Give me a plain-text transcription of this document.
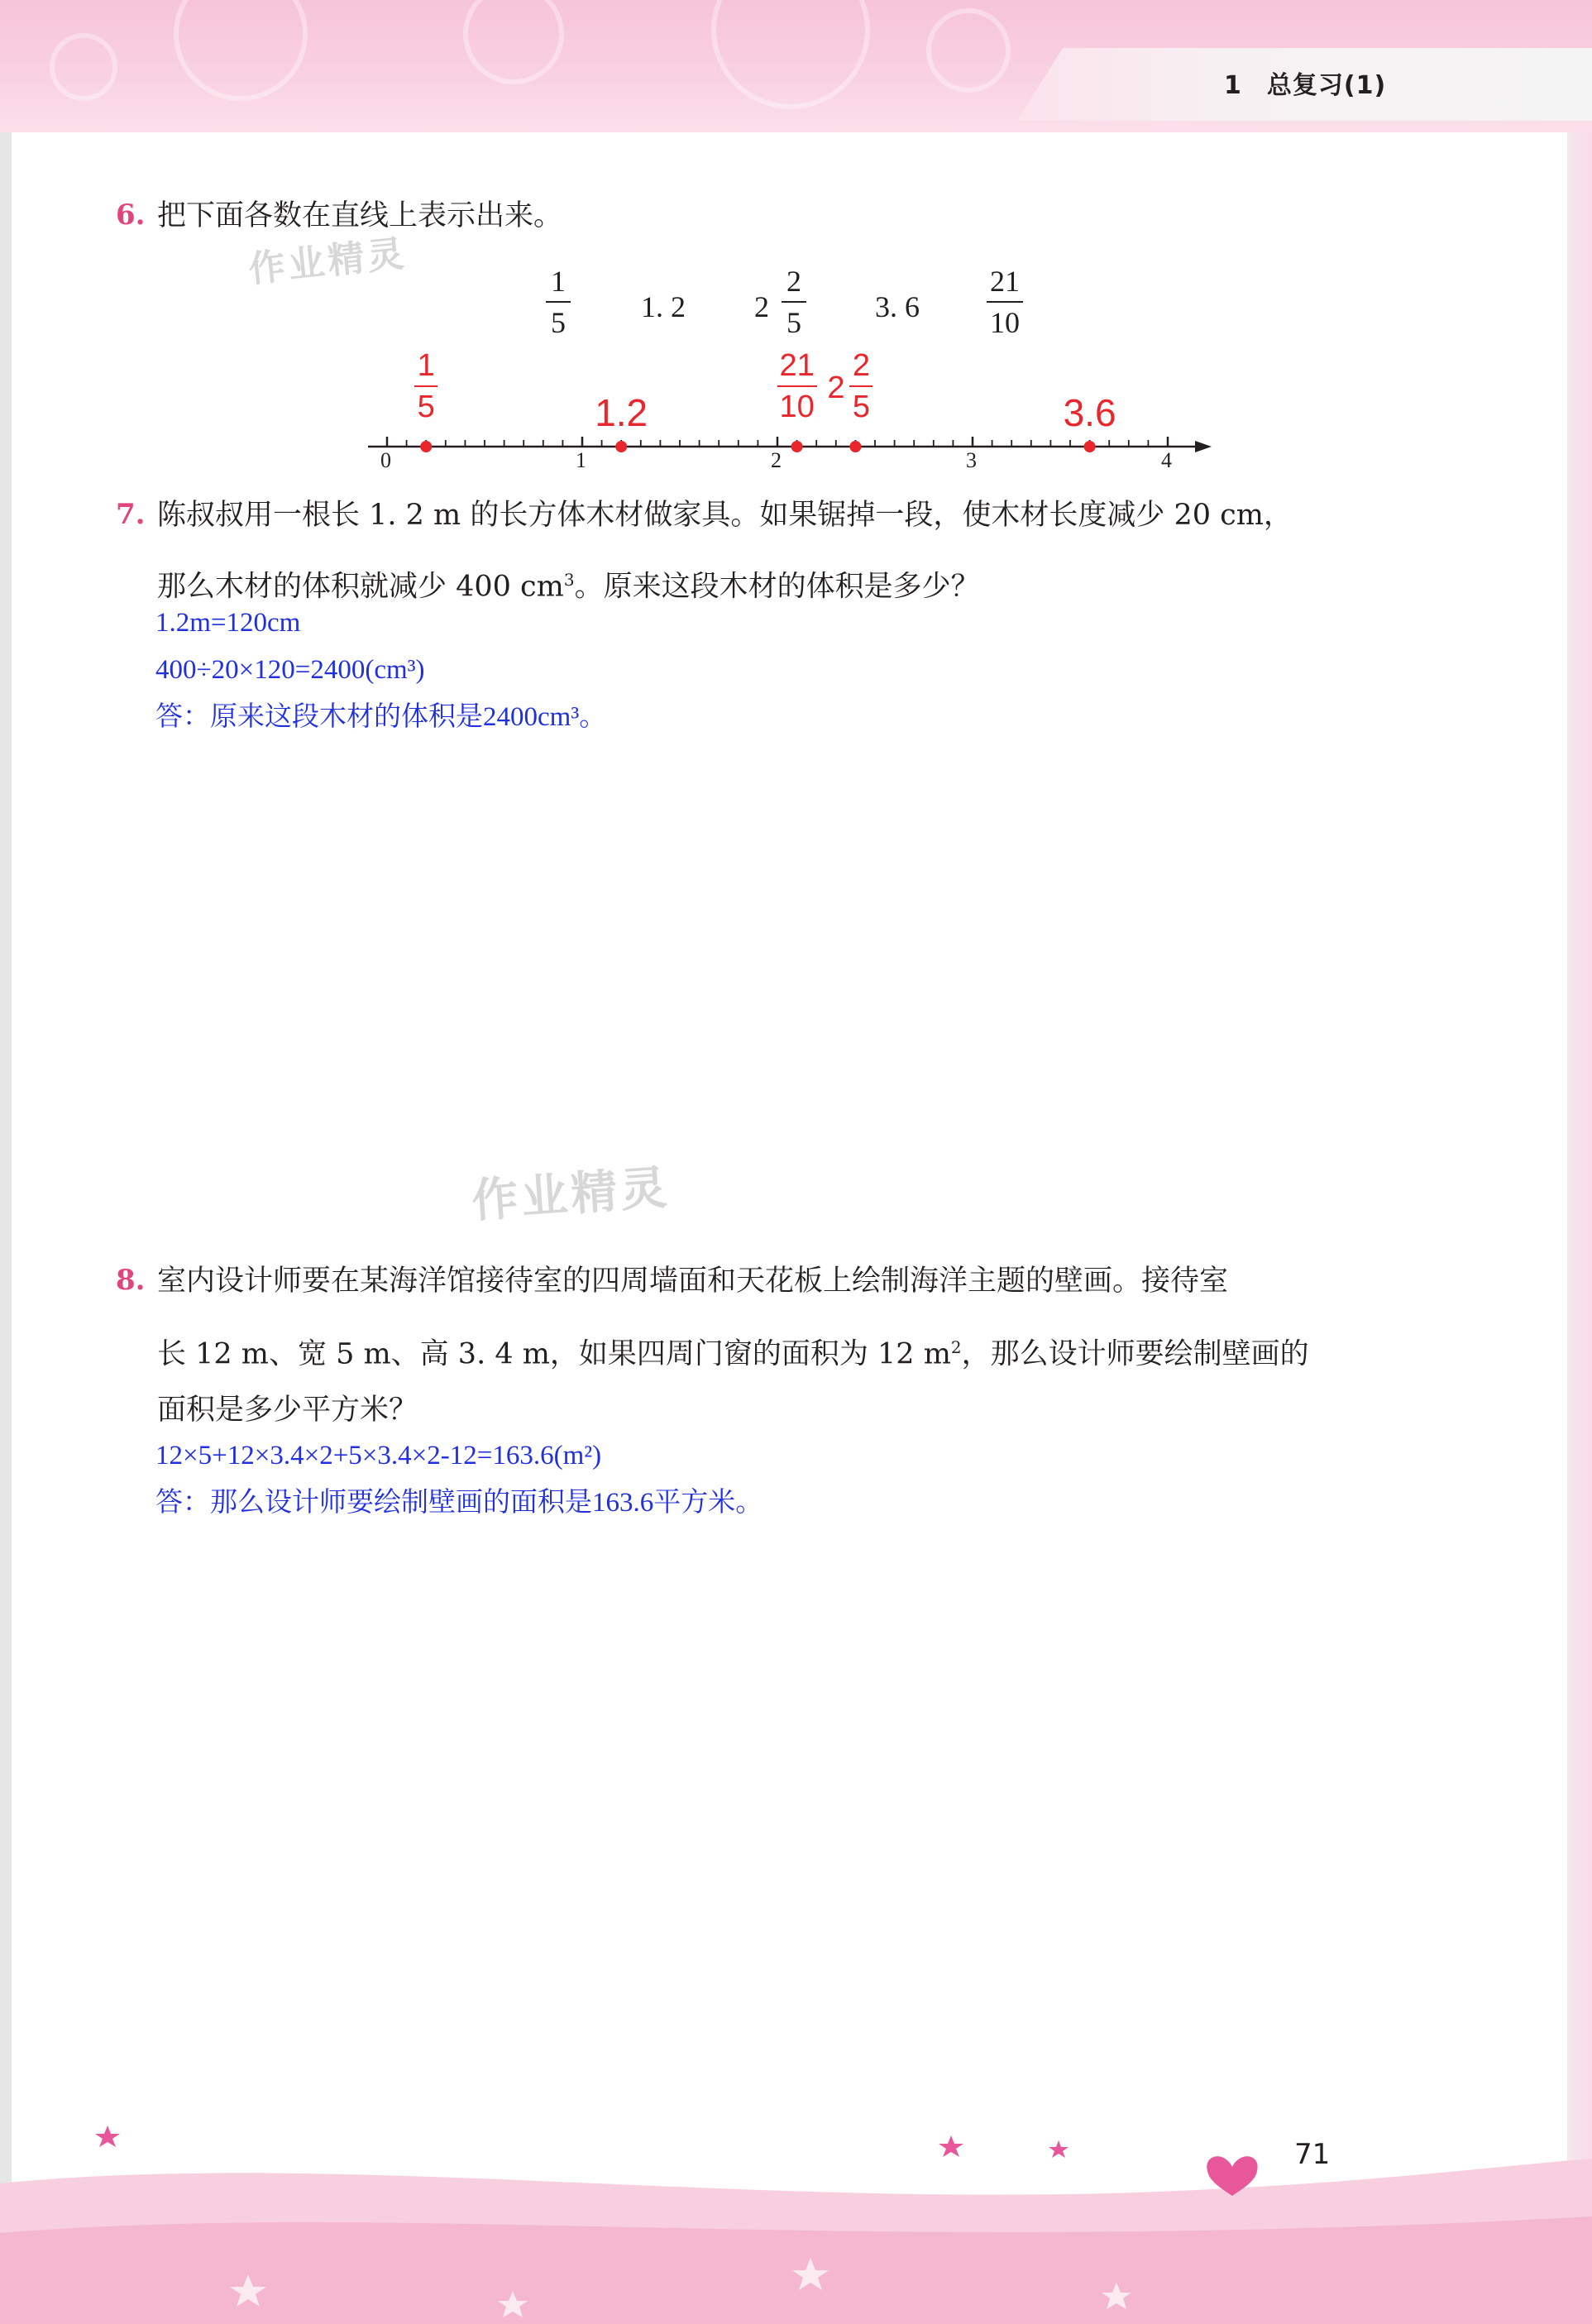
1 总复习(1)
6. 把下面各数在直线上表示出来。
作业精灵	1
5	1. 2 2
2
5	3. 6
21
10
0	1	2	3	4
1
5	1.2
21
10
2
2
5	3.6
7. 陈叔叔用一根长 1. 2 m 的长方体木材做家具。如果锯掉一段，使木材长度减少 20 cm，
那么木材的体积就减少 400 $cm^3$。原来这段木材的体积是多少？
1.2m=120cm
400÷20×120=2400(cm³)
答：原来这段木材的体积是2400cm³。
作业精灵
8. 室内设计师要在某海洋馆接待室的四周墙面和天花板上绘制海洋主题的壁画。接待室
长 12 m、宽 5 m、高 3. 4 m，如果四周门窗的面积为 12 $m^2$，那么设计师要绘制壁画的
面积是多少平方米？
12×5+12×3.4×2+5×3.4×2-12=163.6(m²)
答：那么设计师要绘制壁画的面积是163.6平方米。
71
